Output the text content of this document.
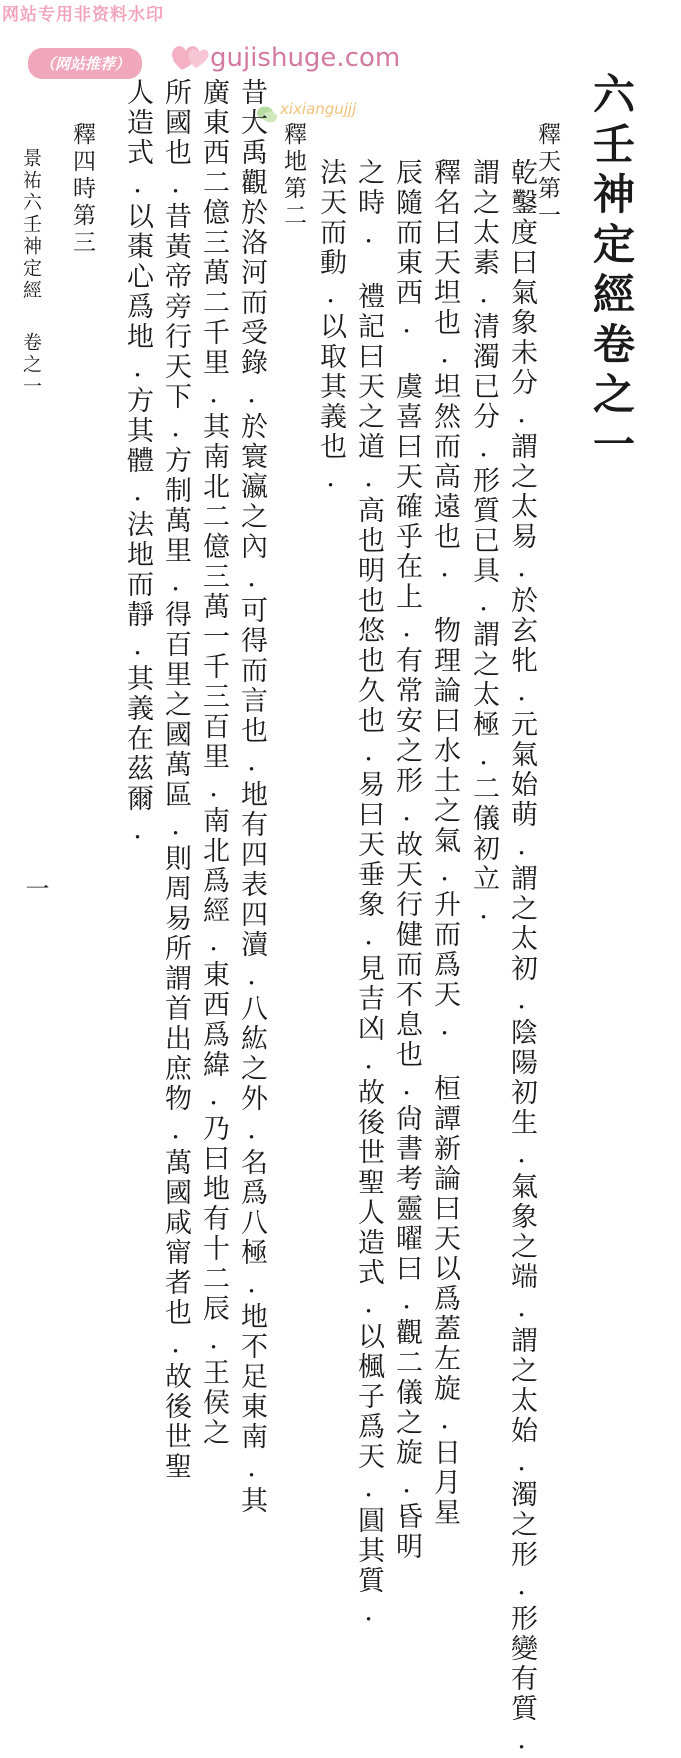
网站专用非资料水印
（网站推荐）	gujishuge.com
xixiangujjj	六壬神定經卷之一
釋天第一
乾鑿度曰氣象未分.謂之太易.於玄牝.元氣始萌.謂之太初.陰陽初生.氣象之端.謂之太始.濁之形.形變有質.
謂之太素.清濁已分.形質已具.謂之太極.二儀初立.
釋名曰天坦也.坦然而高遠也.　物理論曰水土之氣.升而爲天.　桓譚新論曰天以爲蓋左旋.日月星
辰隨而東西.　虞喜曰天確乎在上.有常安之形.故天行健而不息也.尙書考靈曜曰.觀二儀之旋.昏明
之時.　禮記曰天之道.高也明也悠也久也.易曰天垂象.見吉凶.故後世聖人造式.以楓子爲天.圓其質.
法天而動.以取其義也.
釋地第二
昔大禹觀於洛河而受錄.於寰瀛之內.可得而言也.地有四表四瀆.八紘之外.名爲八極.地不足東南.其
廣東西二億三萬二千里.其南北二億三萬一千三百里.南北爲經.東西爲緯.乃曰地有十二辰.王侯之
所國也.昔黃帝旁行天下.方制萬里.得百里之國萬區.則周易所謂首出庶物.萬國咸甯者也.故後世聖
人造式.以棗心爲地.方其體.法地而靜.其義在茲爾.
釋四時第三
景祐六壬神定經
卷之一
一
